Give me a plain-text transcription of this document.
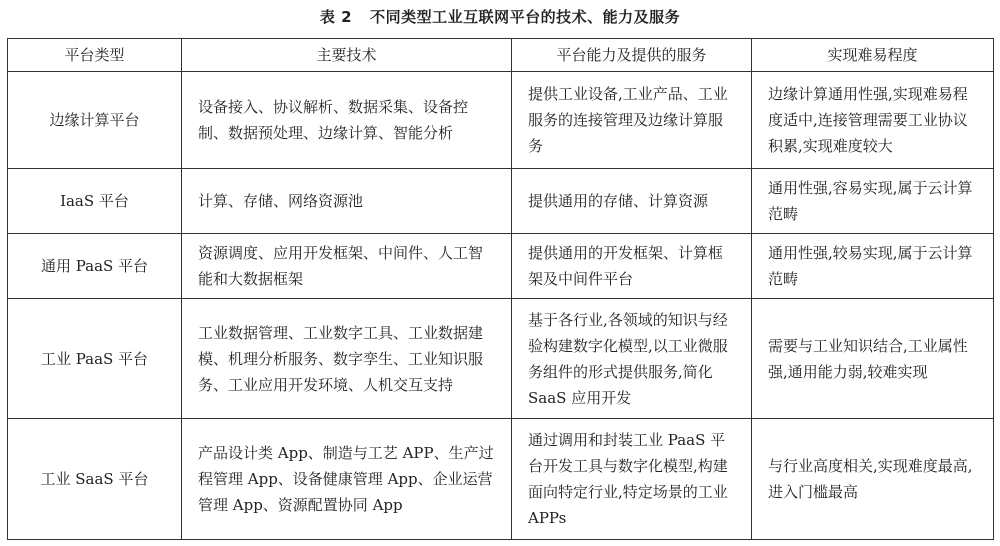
表 2 不同类型工业互联网平台的技术、能力及服务
平台类型	主要技术	平台能力及提供的服务	实现难易程度
边缘计算平台	设备接入、协议解析、数据采集、设备控制、数据预处理、边缘计算、智能分析	提供工业设备,工业产品、工业服务的连接管理及边缘计算服务	边缘计算通用性强,实现难易程度适中,连接管理需要工业协议积累,实现难度较大
IaaS 平台	计算、存储、网络资源池	提供通用的存储、计算资源	通用性强,容易实现,属于云计算范畴
通用 PaaS 平台	资源调度、应用开发框架、中间件、人工智能和大数据框架	提供通用的开发框架、计算框架及中间件平台	通用性强,较易实现,属于云计算范畴
工业 PaaS 平台	工业数据管理、工业数字工具、工业数据建模、机理分析服务、数字孪生、工业知识服务、工业应用开发环境、人机交互支持	基于各行业,各领域的知识与经验构建数字化模型,以工业微服务组件的形式提供服务,简化 SaaS 应用开发	需要与工业知识结合,工业属性强,通用能力弱,较难实现
工业 SaaS 平台	产品设计类 App、制造与工艺 APP、生产过程管理 App、设备健康管理 App、企业运营管理 App、资源配置协同 App	通过调用和封装工业 PaaS 平台开发工具与数字化模型,构建面向特定行业,特定场景的工业 APPs	与行业高度相关,实现难度最高,进入门槛最高
